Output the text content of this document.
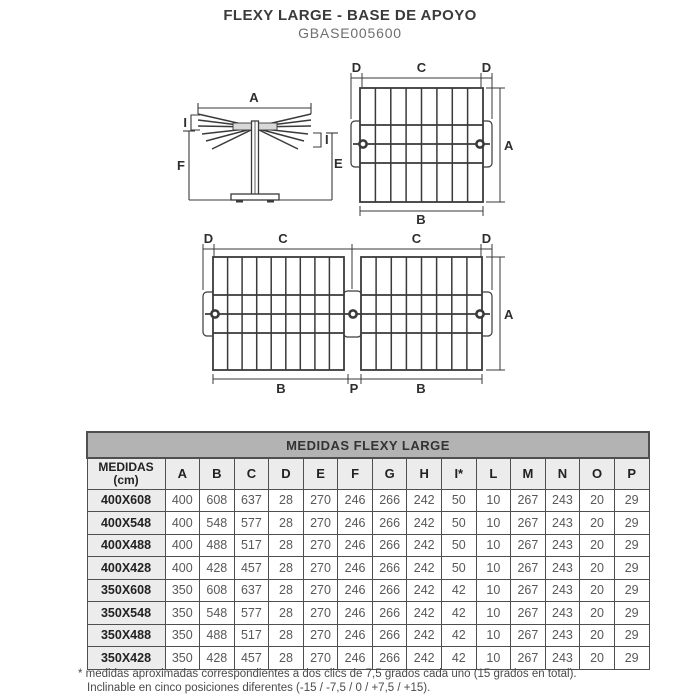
FLEXY LARGE - BASE DE APOYO
GBASE005600
A
I
I
F	E
D	C	D
A
B
D	C	C	D
A
B	P	B
MEDIDAS FLEXY LARGE														

MEDIDAS
(cm)	A	B	C	D	E	F	G	H	I*	L	M	N	O	P
400X608	400	608	637	28	270	246	266	242	50	10	267	243	20	29
400X548	400	548	577	28	270	246	266	242	50	10	267	243	20	29
400X488	400	488	517	28	270	246	266	242	50	10	267	243	20	29
400X428	400	428	457	28	270	246	266	242	50	10	267	243	20	29
350X608	350	608	637	28	270	246	266	242	42	10	267	243	20	29
350X548	350	548	577	28	270	246	266	242	42	10	267	243	20	29
350X488	350	488	517	28	270	246	266	242	42	10	267	243	20	29
350X428	350	428	457	28	270	246	266	242	42	10	267	243	20	29
* medidas aproximadas correspondientes a dos clics de 7,5 grados cada uno (15 grados en total).
Inclinable en cinco posiciones diferentes (-15 / -7,5 / 0 / +7,5 / +15).
